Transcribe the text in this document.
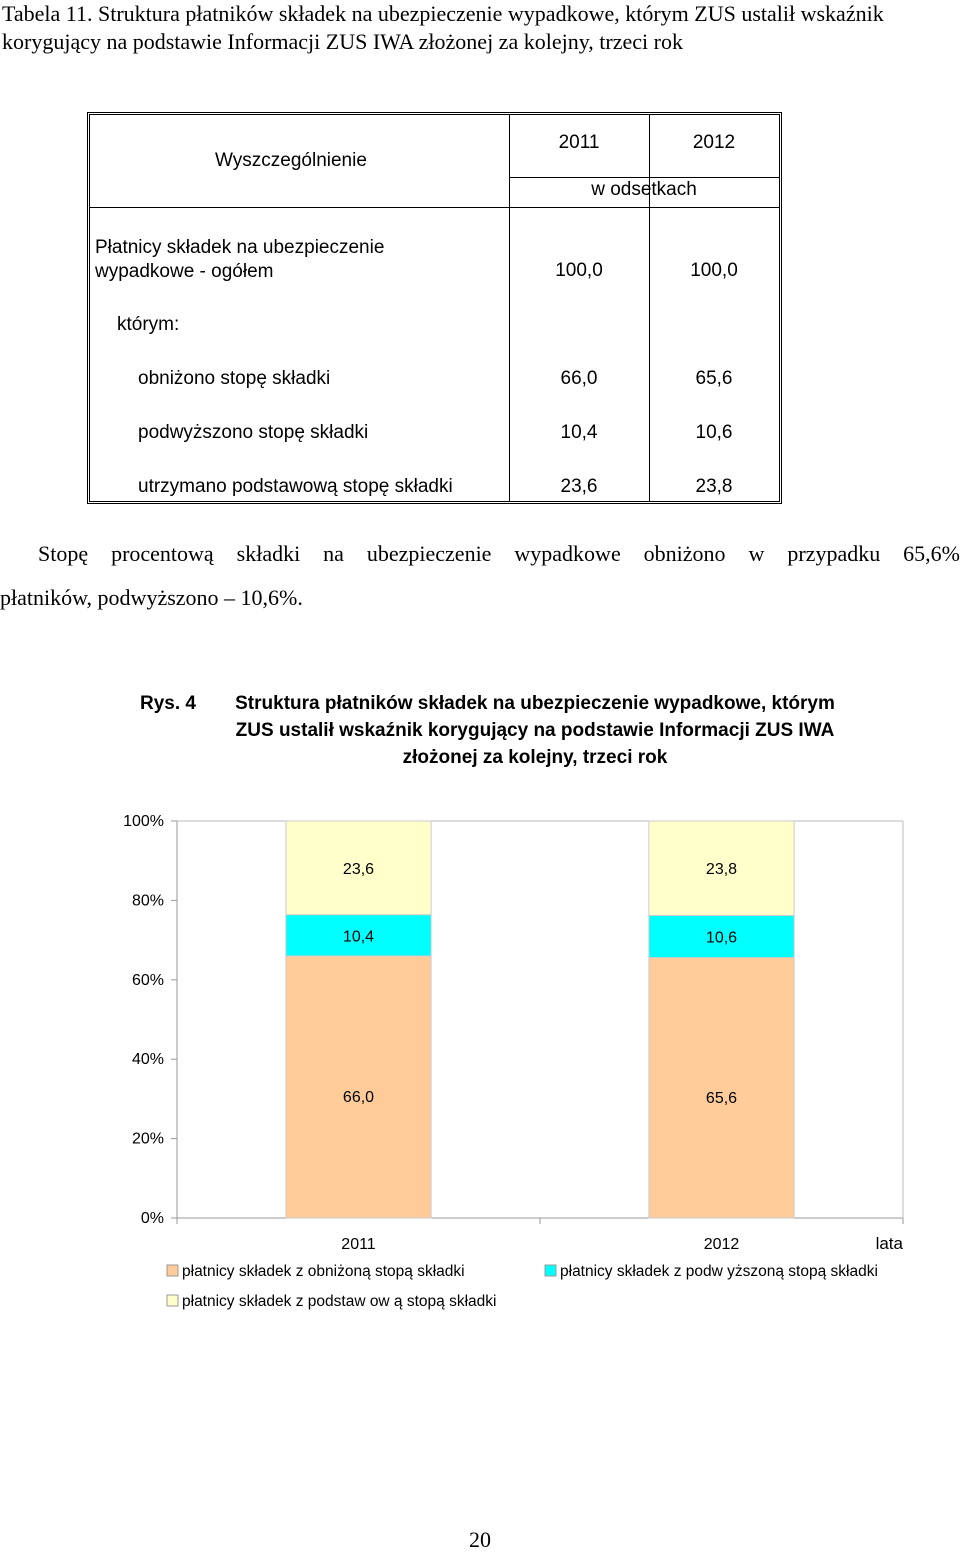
Tabela 11. Struktura płatników składek na ubezpieczenie wypadkowe, którym ZUS ustalił wskaźnik korygujący na podstawie Informacji ZUS IWA złożonej za kolejny, trzeci rok
Wyszczególnienie
2011	2012
w odsetkach
Płatnicy składek na ubezpieczenie wypadkowe - ogółem	100,0	100,0
którym:
obniżono stopę składki	66,0	65,6
podwyższono stopę składki	10,4	10,6
utrzymano podstawową stopę składki	23,6	23,8
Stopę procentową składki na ubezpieczenie wypadkowe obniżono w przypadku 65,6%
płatników, podwyższono – 10,6%.
Rys. 4	Struktura płatników składek na ubezpieczenie wypadkowe, którym ZUS ustalił wskaźnik korygujący na podstawie Informacji ZUS IWA złożonej za kolejny, trzeci rok
0%
20%
40%
60%
80%
100%
66,0
10,4
23,6
2011
65,6
10,6
23,8
2012	lata
płatnicy składek z obniżoną stopą składki	płatnicy składek z podw yższoną stopą składki
płatnicy składek z podstaw ow ą stopą składki
20
